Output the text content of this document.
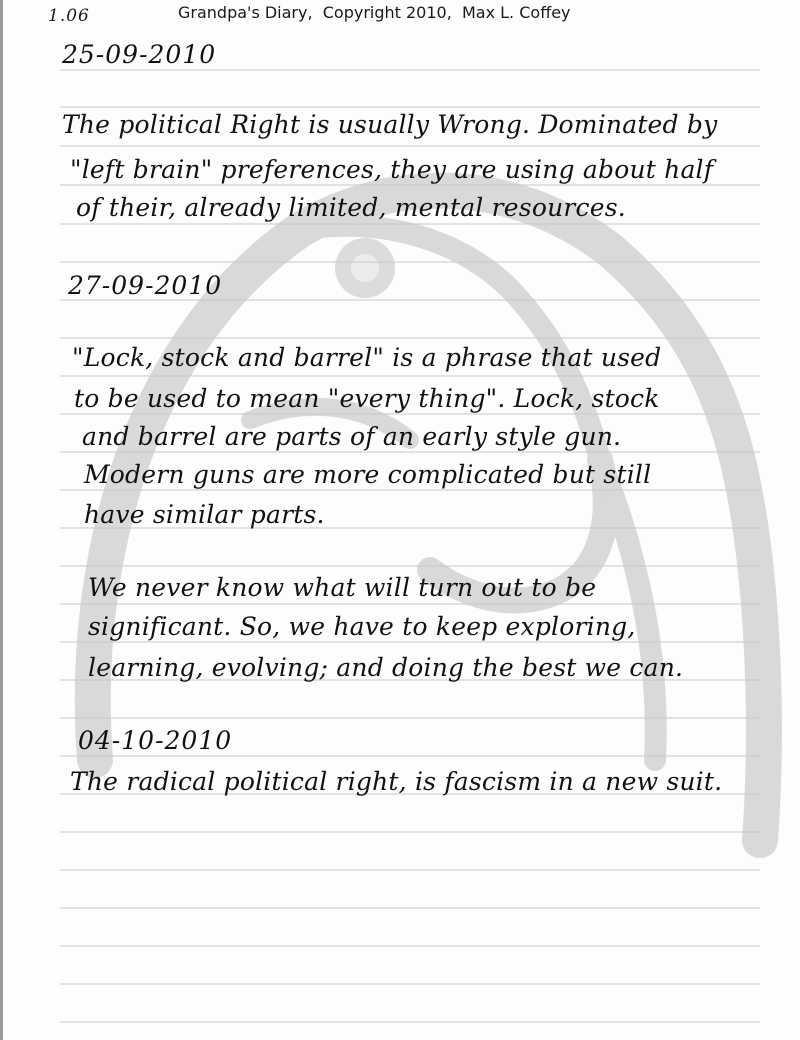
1.06	Grandpa's Diary,  Copyright 2010,  Max L. Coffey
25-09-2010
The political Right is usually Wrong. Dominated by
"left brain" preferences, they are using about half
of their, already limited, mental resources.
27-09-2010
"Lock, stock and barrel" is a phrase that used
to be used to mean "every thing". Lock, stock
and barrel are parts of an early style gun.
Modern guns are more complicated but still
have similar parts.
We never know what will turn out to be
significant. So, we have to keep exploring,
learning, evolving; and doing the best we can.
04-10-2010
The radical political right, is fascism in a new suit.
